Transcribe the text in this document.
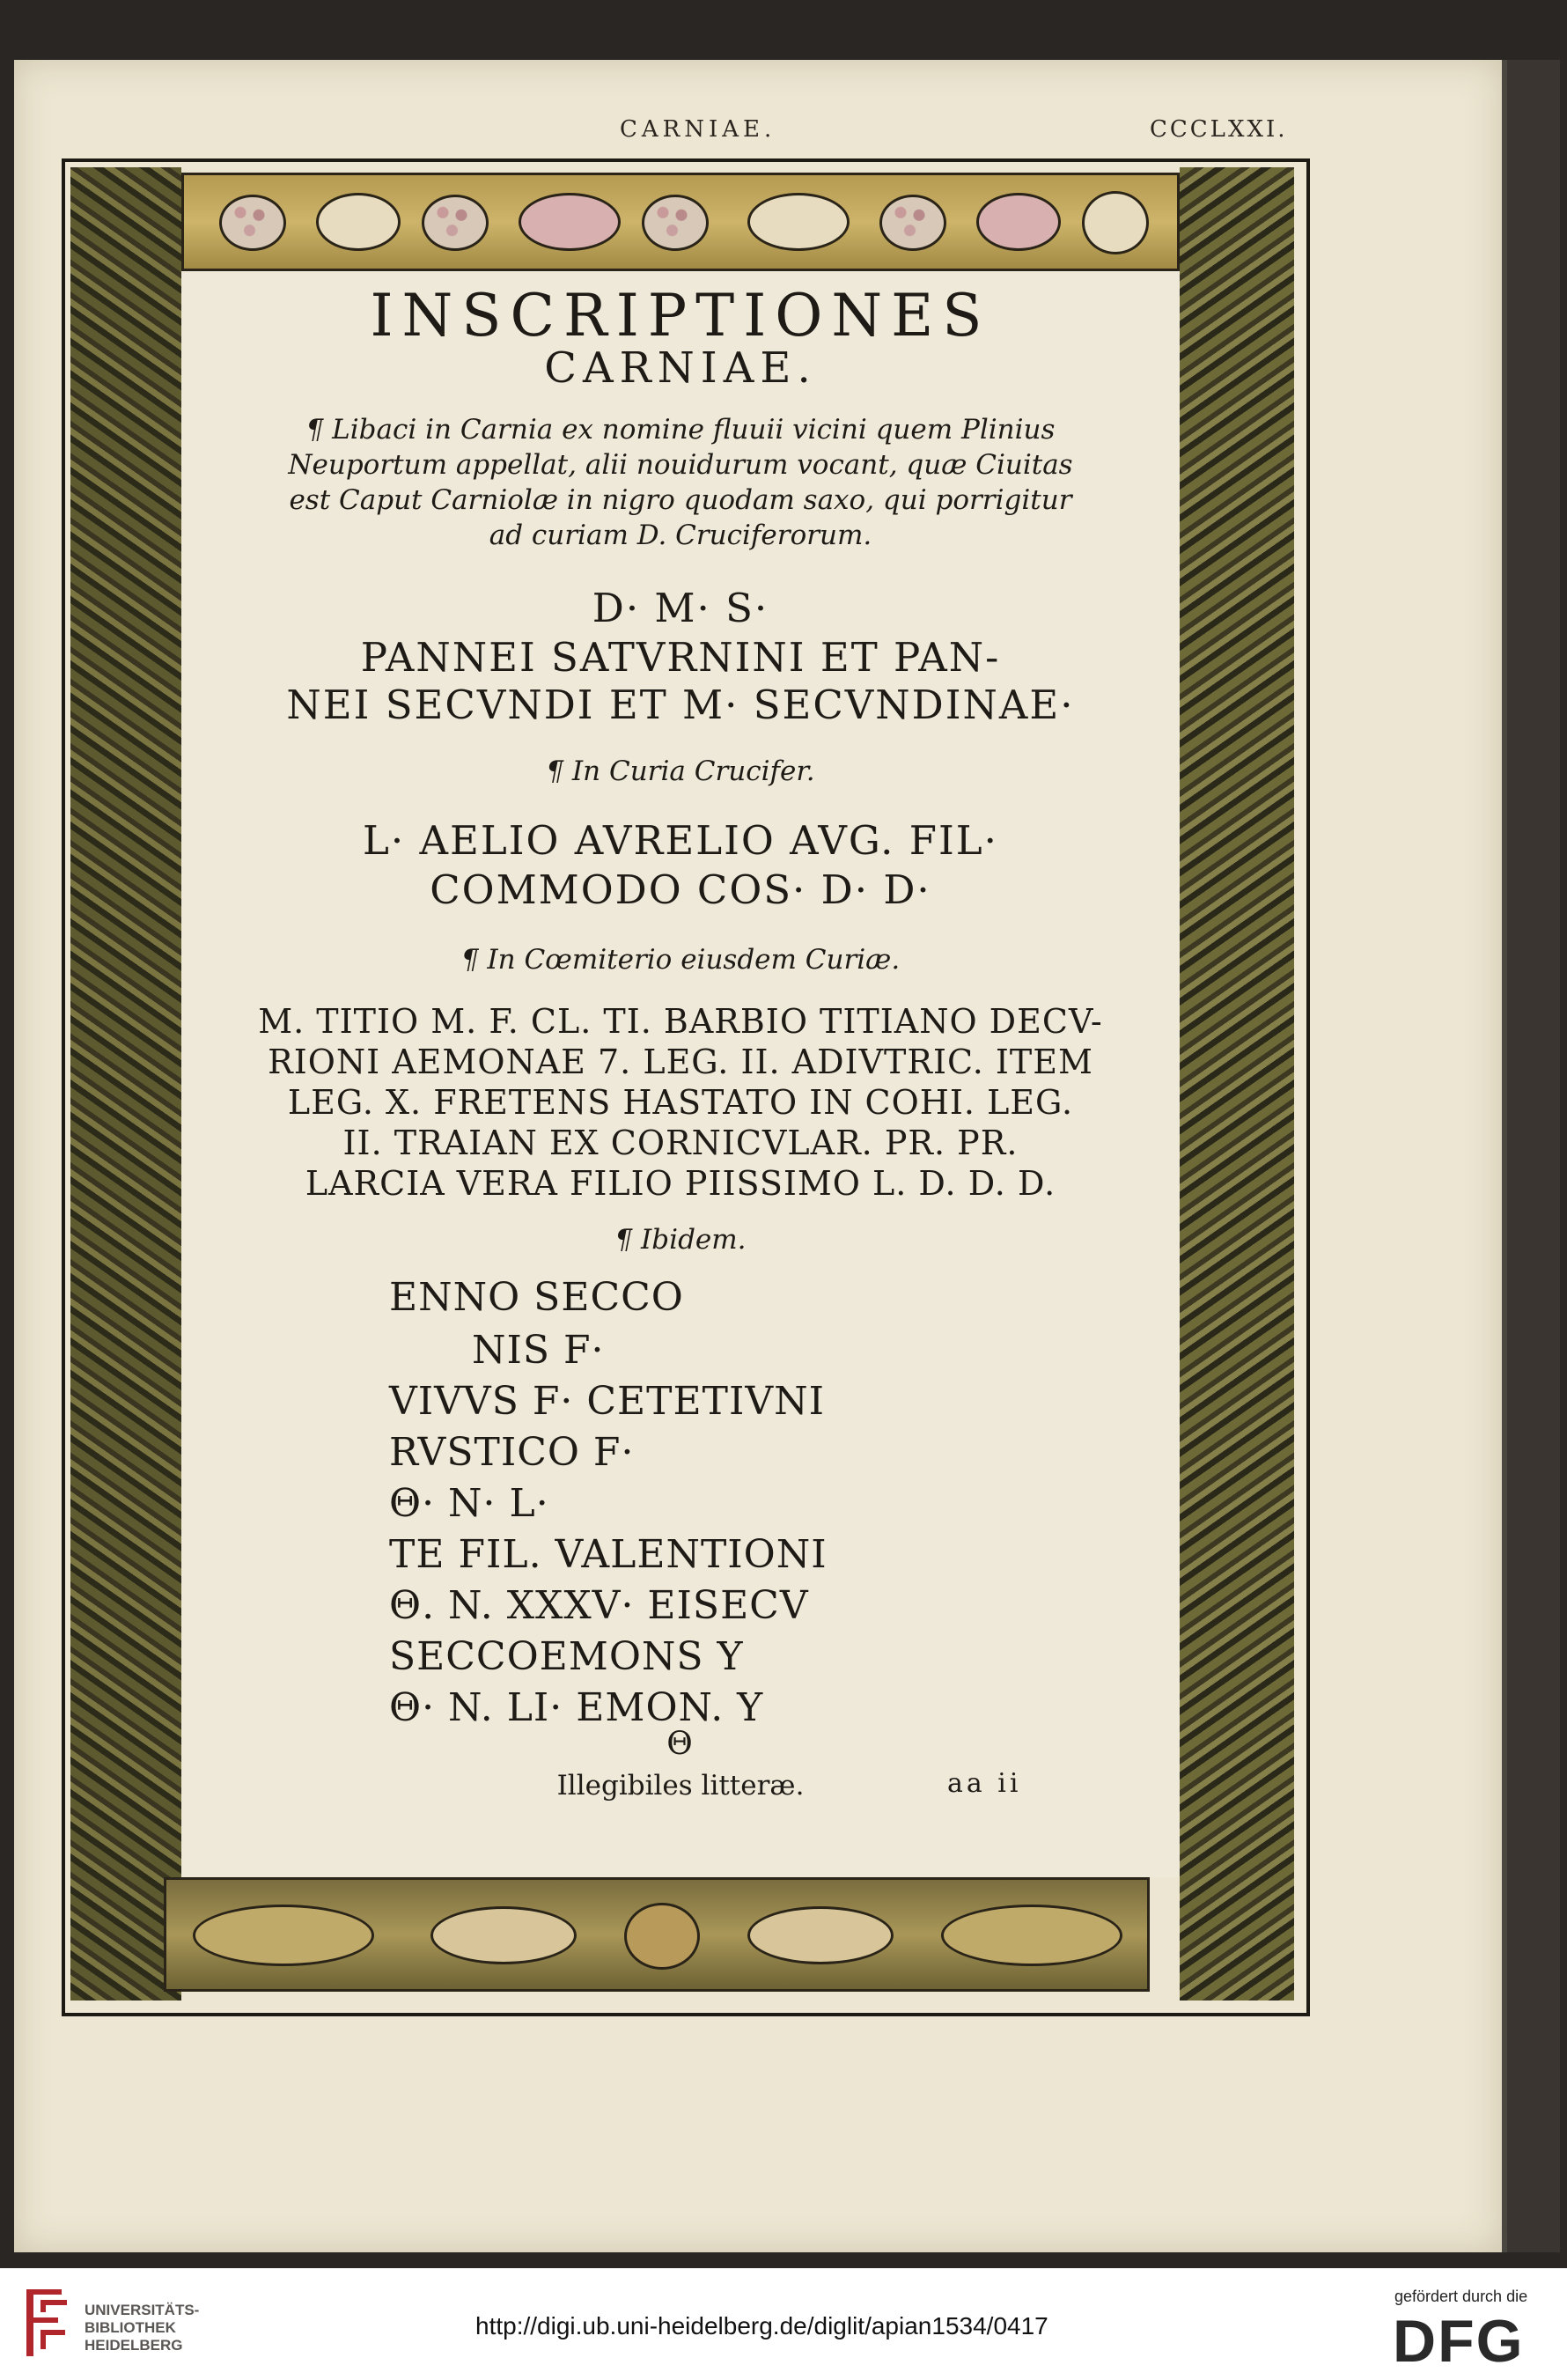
CARNIAE.	CCCLXXI.
INSCRIPTIONES
CARNIAE.
¶ Libaci in Carnia ex nomine fluuii vicini quem Plinius
Neuportum appellat, alii nouidurum vocant, quæ Ciuitas
est Caput Carniolæ in nigro quodam saxo, qui porrigitur
ad curiam D. Cruciferorum.
D· M· S·
PANNEI SATVRNINI ET PAN-
NEI SECVNDI ET M· SECVNDINAE·
¶ In Curia Crucifer.
L· AELIO AVRELIO AVG. FIL·
COMMODO COS· D· D·
¶ In Cœmiterio eiusdem Curiæ.
M. TITIO M. F. CL. TI. BARBIO TITIANO DECV-
RIONI AEMONAE 7. LEG. II. ADIVTRIC. ITEM
LEG. X. FRETENS HASTATO IN COHI. LEG.
II. TRAIAN EX CORNICVLAR. PR. PR.
LARCIA VERA FILIO PIISSIMO L. D. D. D.
¶ Ibidem.
ENNO SECCO
NIS F·
VIVVS F· CETETIVNI
RVSTICO F·
Θ· N· L·
TE FIL. VALENTIONI
Θ. N. XXXV· EISECV
SECCOEMONS Y
Θ· N. LI· EMON. Y
Θ
Illegibiles litteræ.	aa ii
UNIVERSITÄTS-
BIBLIOTHEK
HEIDELBERG
http://digi.ub.uni-heidelberg.de/diglit/apian1534/0417
gefördert durch die
DFG
